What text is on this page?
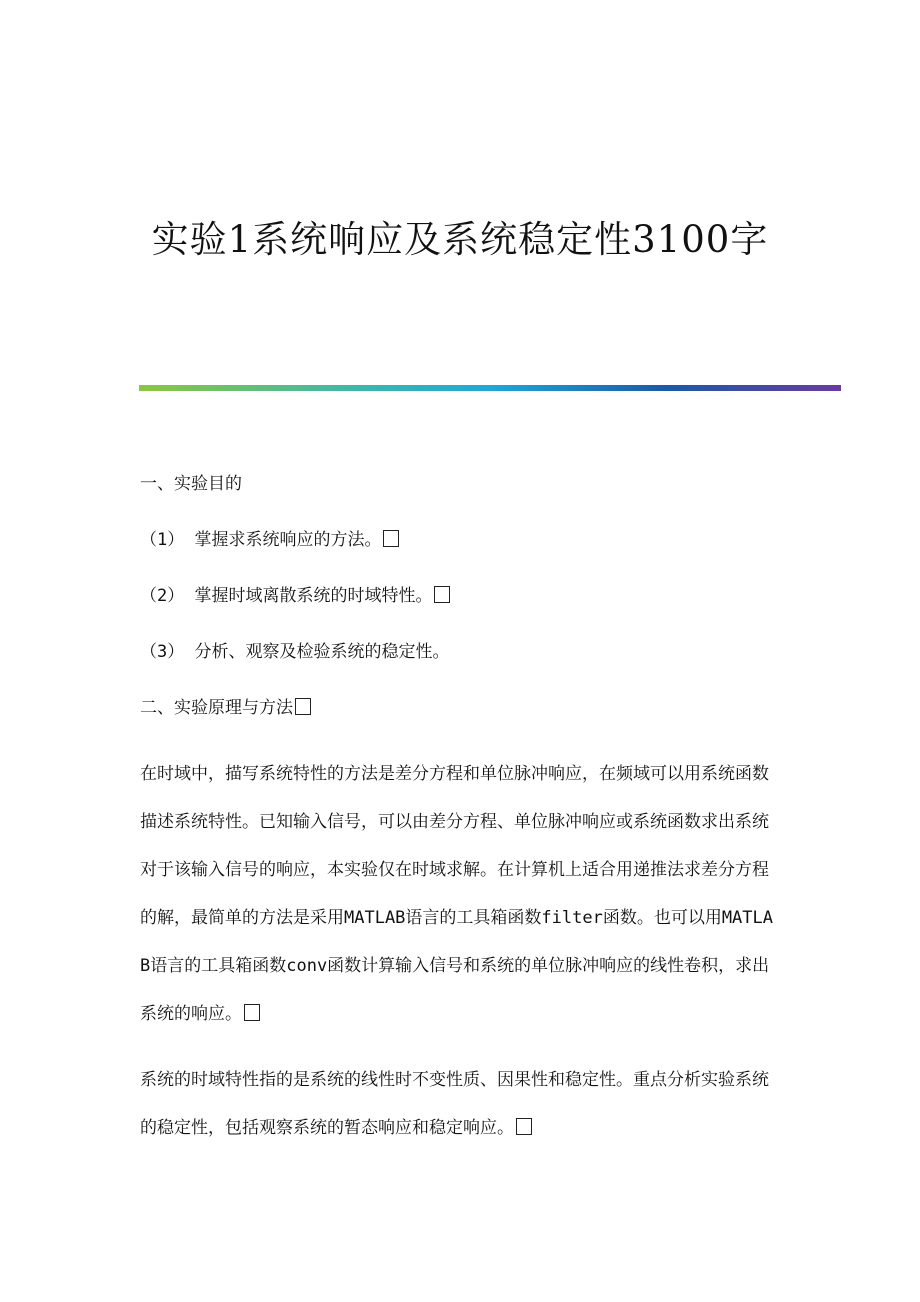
实验1系统响应及系统稳定性3100字

一、实验目的

（1） 掌握求系统响应的方法。

（2） 掌握时域离散系统的时域特性。

（3） 分析、观察及检验系统的稳定性。

二、实验原理与方法

在时域中，描写系统特性的方法是差分方程和单位脉冲响应，在频域可以用系统函数描述系统特性。已知输入信号，可以由差分方程、单位脉冲响应或系统函数求出系统对于该输入信号的响应，本实验仅在时域求解。在计算机上适合用递推法求差分方程的解，最简单的方法是采用MATLAB语言的工具箱函数filter函数。也可以用MATLAB语言的工具箱函数conv函数计算输入信号和系统的单位脉冲响应的线性卷积，求出系统的响应。

系统的时域特性指的是系统的线性时不变性质、因果性和稳定性。重点分析实验系统的稳定性，包括观察系统的暂态响应和稳定响应。
